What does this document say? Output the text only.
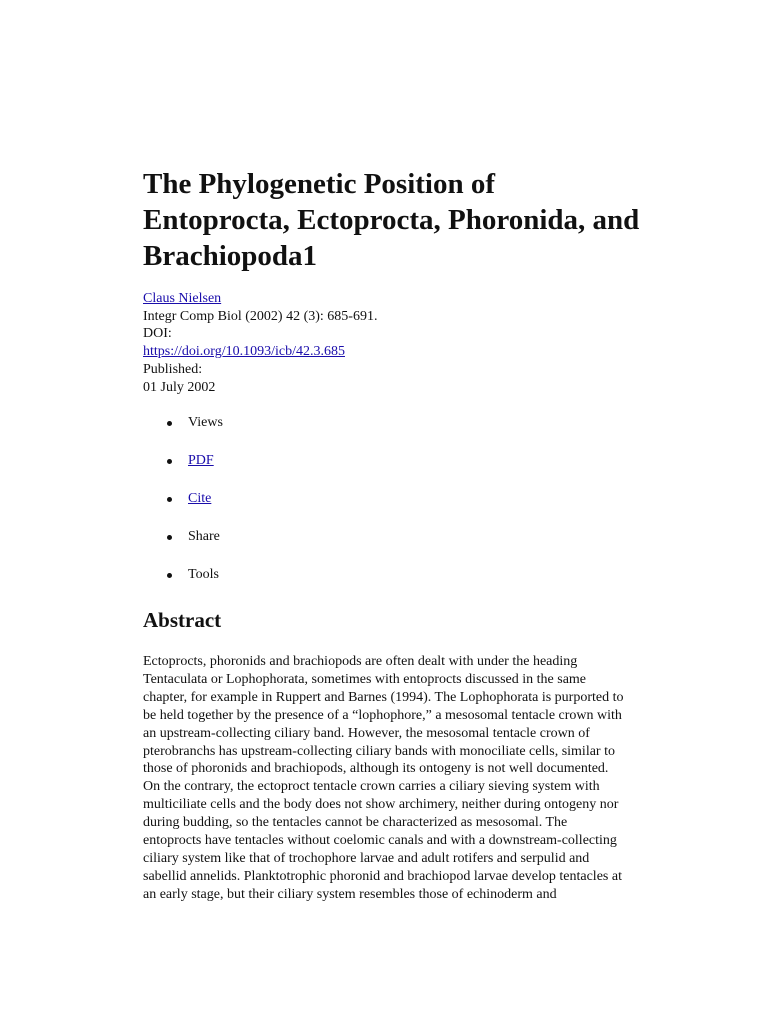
The Phylogenetic Position of
Entoprocta, Ectoprocta, Phoronida, and
Brachiopoda1
Claus Nielsen
Integr Comp Biol (2002) 42 (3): 685-691.
DOI:
https://doi.org/10.1093/icb/42.3.685
Published:
01 July 2002
Views
PDF
Cite
Share
Tools
Abstract

Ectoprocts, phoronids and brachiopods are often dealt with under the heading
Tentaculata or Lophophorata, sometimes with entoprocts discussed in the same
chapter, for example in Ruppert and Barnes (1994). The Lophophorata is purported to
be held together by the presence of a “lophophore,” a mesosomal tentacle crown with
an upstream-collecting ciliary band. However, the mesosomal tentacle crown of
pterobranchs has upstream-collecting ciliary bands with monociliate cells, similar to
those of phoronids and brachiopods, although its ontogeny is not well documented.
On the contrary, the ectoproct tentacle crown carries a ciliary sieving system with
multiciliate cells and the body does not show archimery, neither during ontogeny nor
during budding, so the tentacles cannot be characterized as mesosomal. The
entoprocts have tentacles without coelomic canals and with a downstream-collecting
ciliary system like that of trochophore larvae and adult rotifers and serpulid and
sabellid annelids. Planktotrophic phoronid and brachiopod larvae develop tentacles at
an early stage, but their ciliary system resembles those of echinoderm and
